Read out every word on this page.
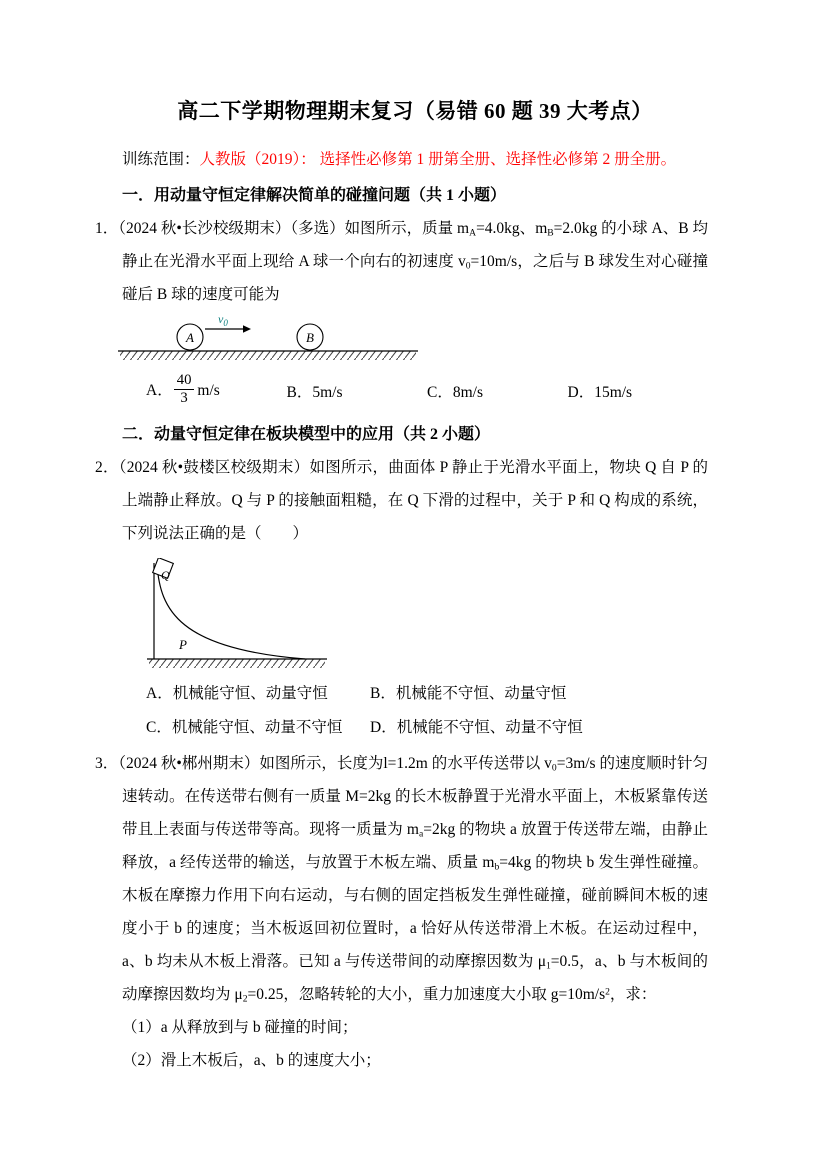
高二下学期物理期末复习（易错 60 题 39 大考点）
训练范围：人教版（2019）： 选择性必修第 1 册第全册、选择性必修第 2 册全册。
一．用动量守恒定律解决简单的碰撞问题（共 1 小题）
1．（2024 秋•长沙校级期末）（多选）如图所示，质量 $m_A=4.0kg$、$m_B=2.0kg$ 的小球 A、B 均静止在光滑水平面上现给 A 球一个向右的初速度 $v_0=10m/s$，之后与 B 球发生对心碰撞碰后 B 球的速度可能为
A
$v_0$
B
A． $\frac{40}{3} m/s$	B．5m/s	C．8m/s	D．15m/s
二．动量守恒定律在板块模型中的应用（共 2 小题）
2．（2024 秋•鼓楼区校级期末）如图所示，曲面体 P 静止于光滑水平面上，物块 Q 自 P 的上端静止释放。Q 与 P 的接触面粗糙，在 Q 下滑的过程中，关于 P 和 Q 构成的系统，下列说法正确的是（　　）
Q
P
A．机械能守恒、动量守恒	B．机械能不守恒、动量守恒
C．机械能守恒、动量不守恒	D．机械能不守恒、动量不守恒
3．（2024 秋•郴州期末）如图所示，长度为l=1.2m 的水平传送带以 $v_0=3m/s$ 的速度顺时针匀速转动。在传送带右侧有一质量 M=2kg 的长木板静置于光滑水平面上，木板紧靠传送带且上表面与传送带等高。现将一质量为 $m_a=2kg$ 的物块 a 放置于传送带左端，由静止释放，a 经传送带的输送，与放置于木板左端、质量 $m_b=4kg$ 的物块 b 发生弹性碰撞。木板在摩擦力作用下向右运动，与右侧的固定挡板发生弹性碰撞，碰前瞬间木板的速度小于 b 的速度；当木板返回初位置时，a 恰好从传送带滑上木板。在运动过程中，a、b 均未从木板上滑落。已知 a 与传送带间的动摩擦因数为 $\mu_1=0.5$，a、b 与木板间的动摩擦因数均为 $\mu_2=0.25$，忽略转轮的大小，重力加速度大小取 $g=10m/s^2$，求：
（1）a 从释放到与 b 碰撞的时间；
（2）滑上木板后，a、b 的速度大小；
